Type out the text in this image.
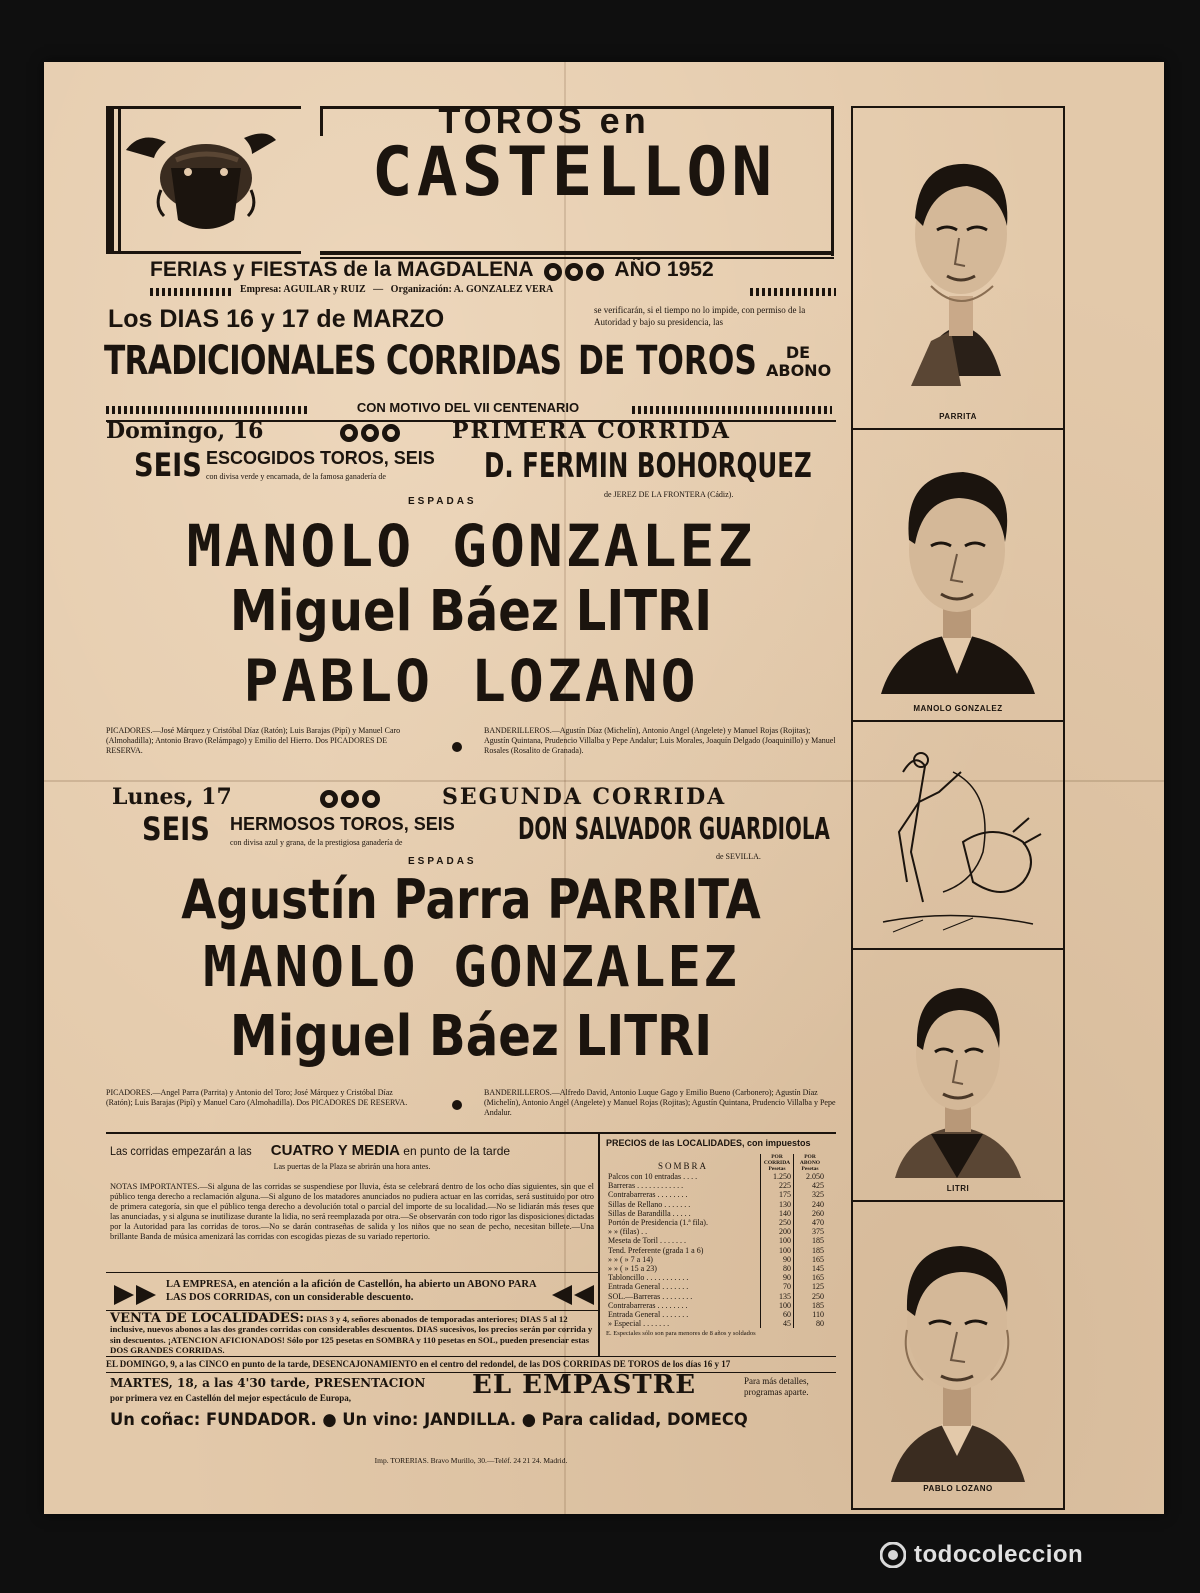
TOROS en
CASTELLON
FERIAS y FIESTAS de la MAGDALENA	AÑO 1952
Empresa: AGUILAR y RUIZ   —   Organización: A. GONZALEZ VERA
Los DIAS 16 y 17 de MARZO	se verificarán, si el tiempo no lo impide, con permiso de la Autoridad y bajo su presidencia, las
TRADICIONALES CORRIDAS DE TOROS	DE ABONO
CON MOTIVO DEL VII CENTENARIO
Domingo, 16	PRIMERA CORRIDA
SEIS ESCOGIDOS TOROS, SEIS
con divisa verde y encarnada, de la famosa ganadería de	D. FERMIN BOHORQUEZ
de JEREZ DE LA FRONTERA (Cádiz).
ESPADAS
MANOLO GONZALEZ
Miguel Báez LITRI
PABLO LOZANO
PICADORES.—José Márquez y Cristóbal Díaz (Ratón); Luis Barajas (Pipí) y Manuel Caro (Almohadilla); Antonio Bravo (Relámpago) y Emilio del Hierro. Dos PICADORES DE RESERVA.
BANDERILLEROS.—Agustín Díaz (Michelín), Antonio Angel (Angelete) y Manuel Rojas (Rojitas); Agustín Quintana, Prudencio Villalba y Pepe Andalur; Luis Morales, Joaquín Delgado (Joaquinillo) y Manuel Rosales (Rosalito de Granada).
Lunes, 17	SEGUNDA CORRIDA
SEIS HERMOSOS TOROS, SEIS
con divisa azul y grana, de la prestigiosa ganadería de	DON SALVADOR GUARDIOLA
de SEVILLA.
ESPADAS
Agustín Parra PARRITA
MANOLO GONZALEZ
Miguel Báez LITRI
PICADORES.—Angel Parra (Parrita) y Antonio del Toro; José Márquez y Cristóbal Díaz (Ratón); Luis Barajas (Pipí) y Manuel Caro (Almohadilla). Dos PICADORES DE RESERVA.
BANDERILLEROS.—Alfredo David, Antonio Luque Gago y Emilio Bueno (Carbonero); Agustín Díaz (Michelín), Antonio Angel (Angelete) y Manuel Rojas (Rojitas); Agustín Quintana, Prudencio Villalba y Pepe Andalur.
Las corridas empezarán a las CUATRO Y MEDIA en punto de la tarde
Las puertas de la Plaza se abrirán una hora antes.
NOTAS IMPORTANTES.—Si alguna de las corridas se suspendiese por lluvia, ésta se celebrará dentro de los ocho días siguientes, sin que el público tenga derecho a reclamación alguna.—Si alguno de los matadores anunciados no pudiera actuar en las corridas, será sustituido por otro de primera categoría, sin que el público tenga derecho a devolución total o parcial del importe de su localidad.—No se lidiarán más reses que las anunciadas, y si alguna se inutilizase durante la lidia, no será reemplazada por otra.—Se observarán con todo rigor las disposiciones dictadas por la Autoridad para las corridas de toros.—No se darán contraseñas de salida y los niños que no sean de pecho, necesitan billete.—Una brillante Banda de música amenizará las corridas con escogidas piezas de su variado repertorio.
LA EMPRESA, en atención a la afición de Castellón, ha abierto un ABONO PARA LAS DOS CORRIDAS, con un considerable descuento.
VENTA DE LOCALIDADES: DIAS 3 y 4, señores abonados de temporadas anteriores; DIAS 5 al 12 inclusive, nuevos abonos a las dos grandes corridas con considerables descuentos. DIAS sucesivos, los precios serán por corrida y sin descuentos. ¡ATENCION AFICIONADOS! Sólo por 125 pesetas en SOMBRA y 110 pesetas en SOL, pueden presenciar estas DOS GRANDES CORRIDAS.
PRECIOS de las LOCALIDADES, con impuestos
SOMBRA	POR CORRIDA Pesetas	POR ABONO Pesetas
Palcos con 10 entradas . . . .	1.250	2.050
Barreras . . . . . . . . . . . .	225	425
Contrabarreras . . . . . . . .	175	325
Sillas de Rellano . . . . . . .	130	240
Sillas de Barandilla . . . . .	140	260
Portón de Presidencia (1.ª fila).	250	470
» » (filas) . .	200	375
Meseta de Toril . . . . . . .	100	185
Tend. Preferente (grada 1 a 6)	100	185
» » ( » 7 a 14)	90	165
» » ( » 15 a 23)	80	145
Tabloncillo . . . . . . . . . . .	90	165
Entrada General . . . . . . .	70	125
SOL.—Barreras . . . . . . . .	135	250
Contrabarreras . . . . . . . .	100	185
Entrada General . . . . . . .	60	110
» Especial . . . . . . .	45	80
E. Especiales sólo son para menores de 8 años y soldados
EL DOMINGO, 9, a las CINCO en punto de la tarde, DESENCAJONAMIENTO en el centro del redondel, de las DOS CORRIDAS DE TOROS de los días 16 y 17
MARTES, 18, a las 4'30 tarde, PRESENTACION
por primera vez en Castellón del mejor espectáculo de Europa,	EL EMPASTRE	Para más detalles, programas aparte.
Un coñac: FUNDADOR. ● Un vino: JANDILLA. ● Para calidad, DOMECQ
Imp. TORERIAS. Bravo Murillo, 30.—Teléf. 24 21 24. Madrid.
PARRITA
MANOLO GONZALEZ
LITRI
PABLO LOZANO
todocoleccion
